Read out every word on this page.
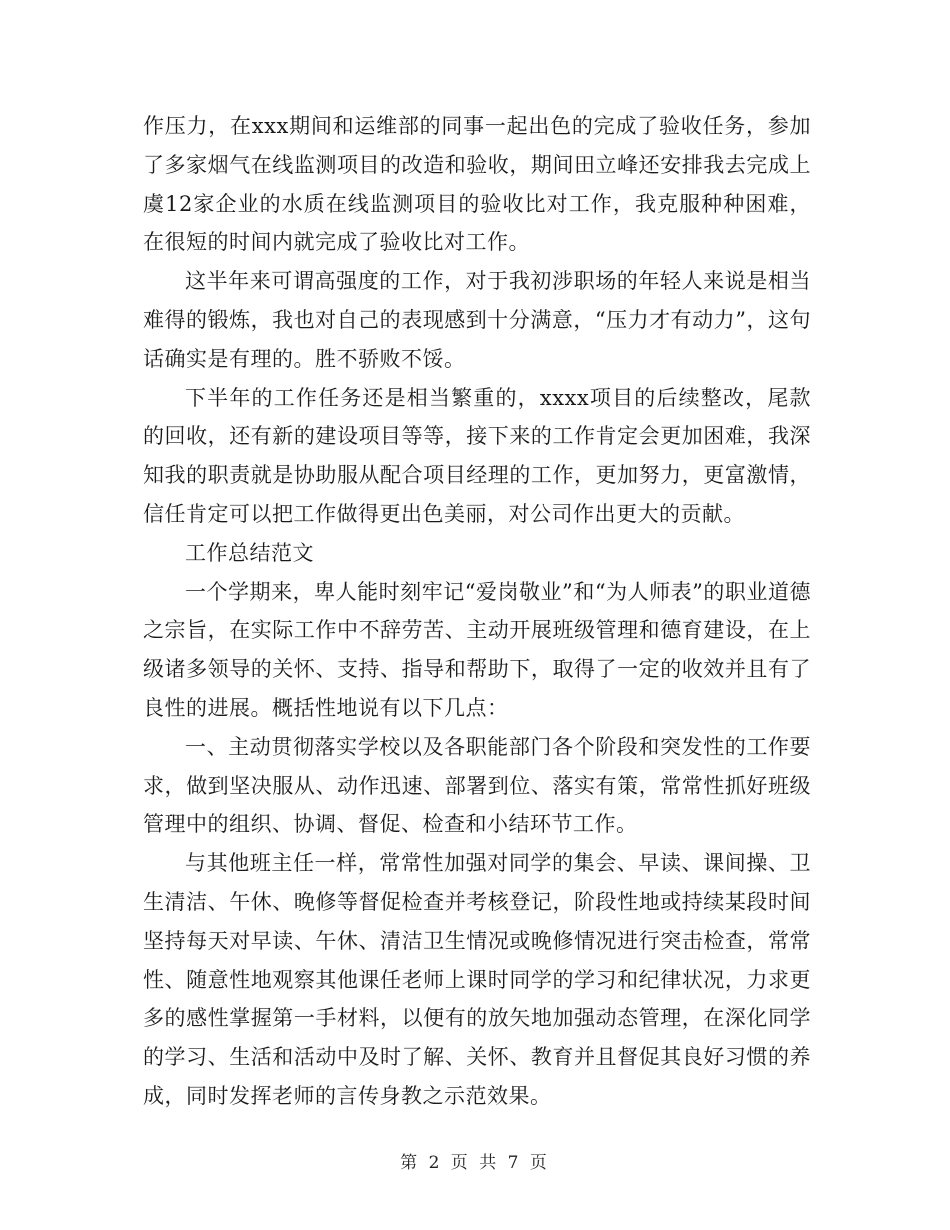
作压力，在xxx期间和运维部的同事一起出色的完成了验收任务，参加了多家烟气在线监测项目的改造和验收，期间田立峰还安排我去完成上虞12家企业的水质在线监测项目的验收比对工作，我克服种种困难，在很短的时间内就完成了验收比对工作。

这半年来可谓高强度的工作，对于我初涉职场的年轻人来说是相当难得的锻炼，我也对自己的表现感到十分满意，“压力才有动力”，这句话确实是有理的。胜不骄败不馁。

下半年的工作任务还是相当繁重的，xxxx项目的后续整改，尾款的回收，还有新的建设项目等等，接下来的工作肯定会更加困难，我深知我的职责就是协助服从配合项目经理的工作，更加努力，更富激情，信任肯定可以把工作做得更出色美丽，对公司作出更大的贡献。

工作总结范文

一个学期来，卑人能时刻牢记“爱岗敬业”和“为人师表”的职业道德之宗旨，在实际工作中不辞劳苦、主动开展班级管理和德育建设，在上级诸多领导的关怀、支持、指导和帮助下，取得了一定的收效并且有了良性的进展。概括性地说有以下几点：

一、主动贯彻落实学校以及各职能部门各个阶段和突发性的工作要求，做到坚决服从、动作迅速、部署到位、落实有策，常常性抓好班级管理中的组织、协调、督促、检查和小结环节工作。

与其他班主任一样，常常性加强对同学的集会、早读、课间操、卫生清洁、午休、晚修等督促检查并考核登记，阶段性地或持续某段时间坚持每天对早读、午休、清洁卫生情况或晚修情况进行突击检查，常常性、随意性地观察其他课任老师上课时同学的学习和纪律状况，力求更多的感性掌握第一手材料，以便有的放矢地加强动态管理，在深化同学的学习、生活和活动中及时了解、关怀、教育并且督促其良好习惯的养成，同时发挥老师的言传身教之示范效果。

第 2 页 共 7 页
